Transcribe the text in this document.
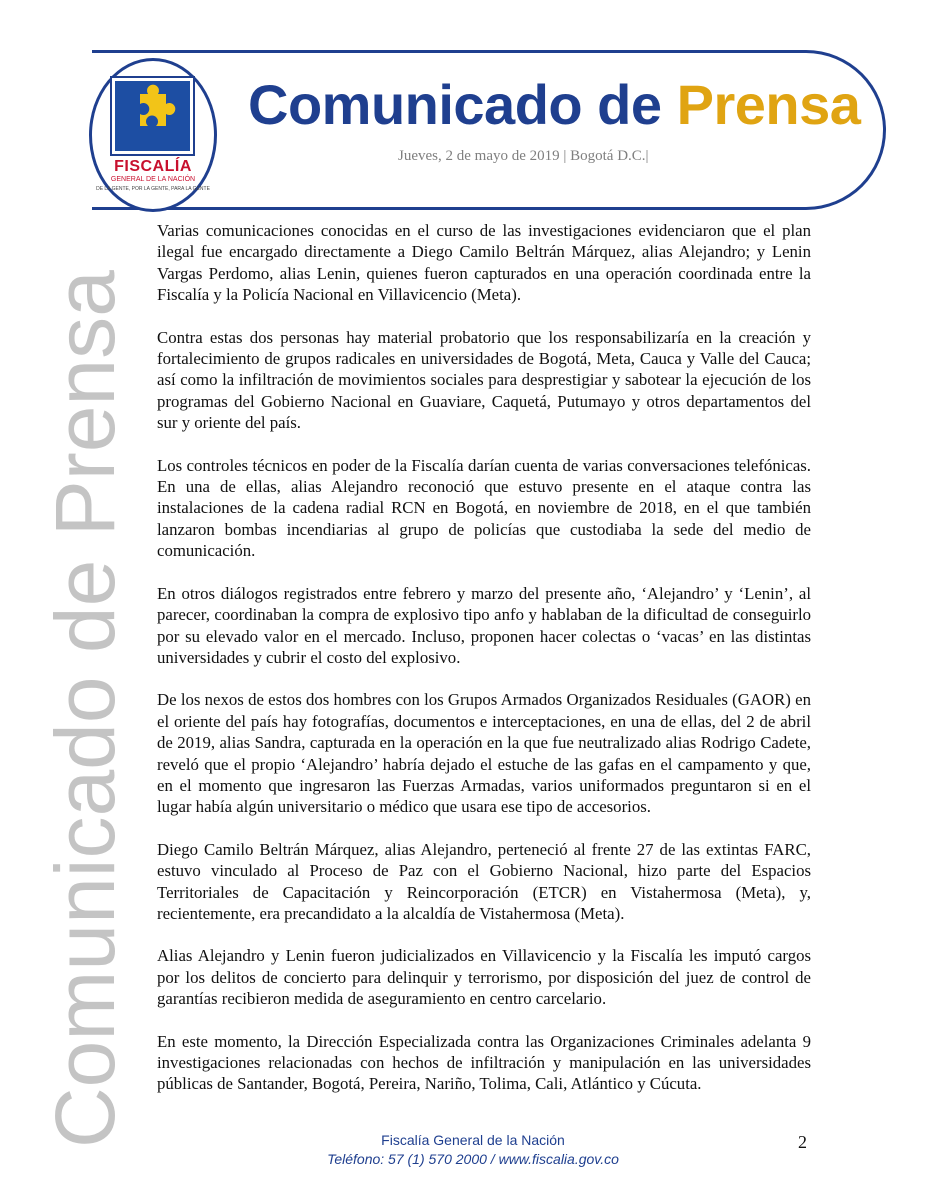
FISCALÍA
GENERAL DE LA NACIÓN
DE LA GENTE, POR LA GENTE, PARA LA GENTE
Comunicado de Prensa
Jueves, 2 de mayo de 2019 | Bogotá D.C.|
Comunicado de Prensa

Varias comunicaciones conocidas en el curso de las investigaciones evidenciaron que el plan ilegal fue encargado directamente a Diego Camilo Beltrán Márquez, alias Alejandro; y Lenin Vargas Perdomo, alias Lenin, quienes fueron capturados en una operación coordinada entre la Fiscalía y la Policía Nacional en Villavicencio (Meta).

Contra estas dos personas hay material probatorio que los responsabilizaría en la creación y fortalecimiento de grupos radicales en universidades de Bogotá, Meta, Cauca y Valle del Cauca; así como la infiltración de movimientos sociales para desprestigiar y sabotear la ejecución de los programas del Gobierno Nacional en Guaviare, Caquetá, Putumayo y otros departamentos del sur y oriente del país.

Los controles técnicos en poder de la Fiscalía darían cuenta de varias conversaciones telefónicas. En una de ellas, alias Alejandro reconoció que estuvo presente en el ataque contra las instalaciones de la cadena radial RCN en Bogotá, en noviembre de 2018, en el que también lanzaron bombas incendiarias al grupo de policías que custodiaba la sede del medio de comunicación.

En otros diálogos registrados entre febrero y marzo del presente año, ‘Alejandro’ y ‘Lenin’, al parecer, coordinaban la compra de explosivo tipo anfo y hablaban de la dificultad de conseguirlo por su elevado valor en el mercado. Incluso, proponen hacer colectas o ‘vacas’ en las distintas universidades y cubrir el costo del explosivo.

De los nexos de estos dos hombres con los Grupos Armados Organizados Residuales (GAOR) en el oriente del país hay fotografías, documentos e interceptaciones, en una de ellas, del 2 de abril de 2019, alias Sandra, capturada en la operación en la que fue neutralizado alias Rodrigo Cadete, reveló que el propio ‘Alejandro’ habría dejado el estuche de las gafas en el campamento y que, en el momento que ingresaron las Fuerzas Armadas, varios uniformados preguntaron si en el lugar había algún universitario o médico que usara ese tipo de accesorios.

Diego Camilo Beltrán Márquez, alias Alejandro, perteneció al frente 27 de las extintas FARC, estuvo vinculado al Proceso de Paz con el Gobierno Nacional, hizo parte del Espacios Territoriales de Capacitación y Reincorporación (ETCR) en Vistahermosa (Meta), y, recientemente, era precandidato a la alcaldía de Vistahermosa (Meta).

Alias Alejandro y Lenin fueron judicializados en Villavicencio y la Fiscalía les imputó cargos por los delitos de concierto para delinquir y terrorismo, por disposición del juez de control de garantías recibieron medida de aseguramiento en centro carcelario.

En este momento, la Dirección Especializada contra las Organizaciones Criminales adelanta 9 investigaciones relacionadas con hechos de infiltración y manipulación en las universidades públicas de Santander, Bogotá, Pereira, Nariño, Tolima, Cali, Atlántico y Cúcuta.

Fiscalía General de la Nación
Teléfono: 57 (1) 570 2000 / www.fiscalia.gov.co
2
